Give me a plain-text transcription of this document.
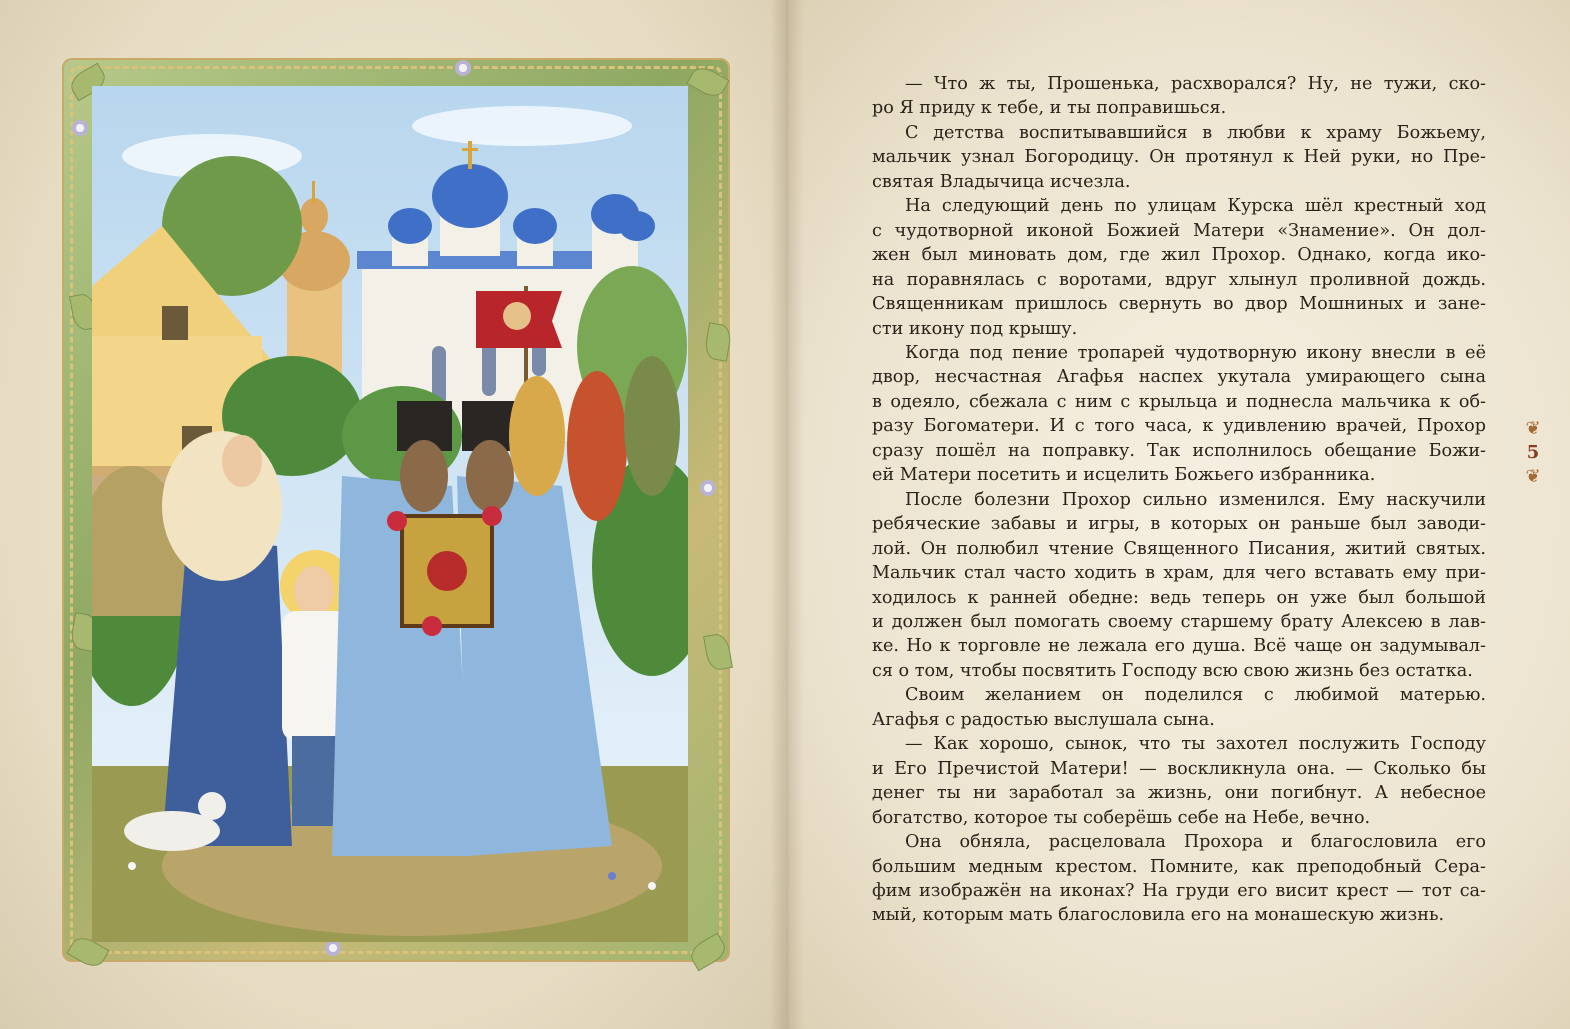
— Что ж ты, Прошенька, расхворался? Ну, не тужи, ско-
ро Я приду к тебе, и ты поправишься.

С детства воспитывавшийся в любви к храму Божьему,
мальчик узнал Богородицу. Он протянул к Ней руки, но Пре-
святая Владычица исчезла.

На следующий день по улицам Курска шёл крестный ход
с чудотворной иконой Божией Матери «Знамение». Он дол-
жен был миновать дом, где жил Прохор. Однако, когда ико-
на поравнялась с воротами, вдруг хлынул проливной дождь.
Священникам пришлось свернуть во двор Мошниных и зане-
сти икону под крышу.

Когда под пение тропарей чудотворную икону внесли в её
двор, несчастная Агафья наспех укутала умирающего сына
в одеяло, сбежала с ним с крыльца и поднесла мальчика к об-
разу Богоматери. И с того часа, к удивлению врачей, Прохор
сразу пошёл на поправку. Так исполнилось обещание Божи-
ей Матери посетить и исцелить Божьего избранника.

После болезни Прохор сильно изменился. Ему наскучили
ребяческие забавы и игры, в которых он раньше был заводи-
лой. Он полюбил чтение Священного Писания, житий святых.
Мальчик стал часто ходить в храм, для чего вставать ему при-
ходилось к ранней обедне: ведь теперь он уже был большой
и должен был помогать своему старшему брату Алексею в лав-
ке. Но к торговле не лежала его душа. Всё чаще он задумывал-
ся о том, чтобы посвятить Господу всю свою жизнь без остатка.

Своим желанием он поделился с любимой матерью.
Агафья с радостью выслушала сына.

— Как хорошо, сынок, что ты захотел послужить Господу
и Его Пречистой Матери! — воскликнула она. — Сколько бы
денег ты ни заработал за жизнь, они погибнут. А небесное
богатство, которое ты соберёшь себе на Небе, вечно.

Она обняла, расцеловала Прохора и благословила его
большим медным крестом. Помните, как преподобный Сера-
фим изображён на иконах? На груди его висит крест — тот са-
мый, которым мать благословила его на монашескую жизнь.

❦
5
❦
